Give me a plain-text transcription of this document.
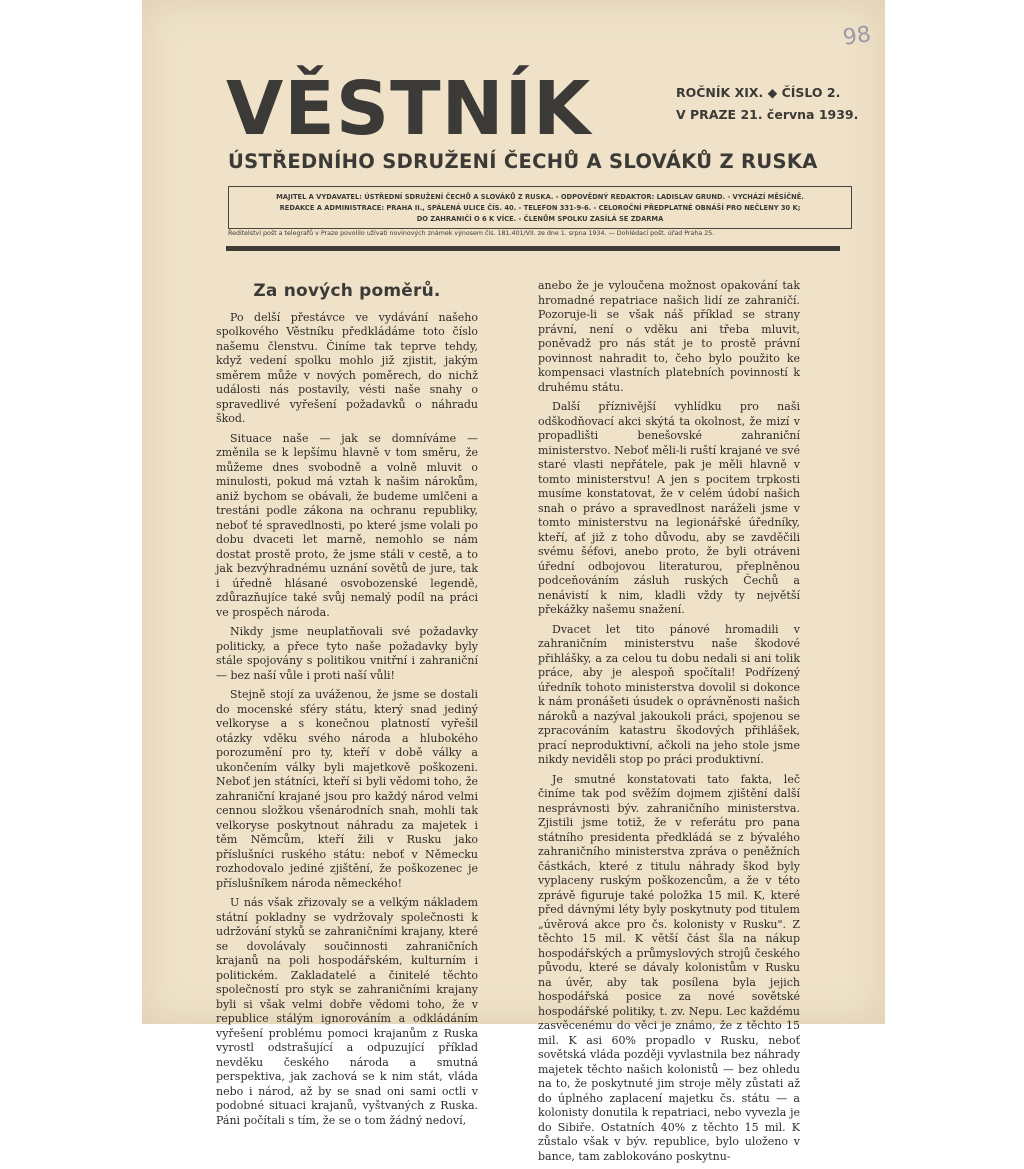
98
VĚSTNÍK	ROČNÍK XIX. ◆ ČÍSLO 2.
V PRAZE 21. června 1939.
ÚSTŘEDNÍHO SDRUŽENÍ ČECHŮ A SLOVÁKŮ Z RUSKA
MAJITEL A VYDAVATEL: ÚSTŘEDNÍ SDRUŽENÍ ČECHŮ A SLOVÁKŮ Z RUSKA. - ODPOVĚDNÝ REDAKTOR: LADISLAV GRUND. - VYCHÁZÍ MĚSÍČNĚ.
REDAKCE A ADMINISTRACE: PRAHA II., SPÁLENÁ ULICE ČÍS. 40. - TELEFON 331-9-6. - CELOROČNÍ PŘEDPLATNÉ OBNÁŠÍ PRO NEČLENY 30 K;
DO ZAHRANIČÍ O 6 K VÍCE. - ČLENŮM SPOLKU ZASÍLÁ SE ZDARMA
Ředitelství pošt a telegrafů v Praze povolilo užívati novinových známek výnosem čís. 181.401/VII. ze dne 1. srpna 1934. — Dohlédací pošt. úřad Praha 25.
Za nových poměrů.

Po delší přestávce ve vydávání našeho spolkového Věstníku předkládáme toto číslo našemu členstvu. Činíme tak teprve tehdy, když vedení spolku mohlo již zjistit, jakým směrem může v nových poměrech, do nichž události nás postavily, vésti naše snahy o spravedlivé vyřešení požadavků o náhradu škod.

Situace naše — jak se domníváme — změnila se k lepšímu hlavně v tom směru, že můžeme dnes svobodně a volně mluvit o minulosti, pokud má vztah k našim nárokům, aniž bychom se obávali, že budeme umlčeni a trestáni podle zákona na ochranu republiky, neboť té spravedlnosti, po které jsme volali po dobu dvaceti let marně, nemohlo se nám dostat prostě proto, že jsme stáli v cestě, a to jak bezvýhradnému uznání sovětů de jure, tak i úředně hlásané osvobozenské legendě, zdůrazňujíce také svůj nemalý podíl na práci ve prospěch národa.

Nikdy jsme neuplatňovali své požadavky politicky, a přece tyto naše požadavky byly stále spojovány s politikou vnitřní i zahraniční — bez naší vůle i proti naší vůli!

Stejně stojí za uváženou, že jsme se dostali do mocenské sféry státu, který snad jediný velkoryse a s konečnou platností vyřešil otázky vděku svého národa a hlubokého porozumění pro ty, kteří v době války a ukončením války byli majetkově poškozeni. Neboť jen státníci, kteří si byli vědomi toho, že zahraniční krajané jsou pro každý národ velmi cennou složkou všenárodních snah, mohli tak velkoryse poskytnout náhradu za majetek i těm Němcům, kteří žili v Rusku jako příslušníci ruského státu: neboť v Německu rozhodovalo jediné zjištění, že poškozenec je příslušníkem národa německého!

U nás však zřizovaly se a velkým nákladem státní pokladny se vydržovaly společnosti k udržování styků se zahraničními krajany, které se dovolávaly součinnosti zahraničních krajanů na poli hospodářském, kulturním i politickém. Zakladatelé a činitelé těchto společností pro styk se zahraničními krajany byli si však velmi dobře vědomi toho, že v republice stálým ignorováním a odkládáním vyřešení problému pomoci krajanům z Ruska vyrostl odstrašující a odpuzující příklad nevděku českého národa a smutná perspektiva, jak zachová se k nim stát, vláda nebo i národ, až by se snad oni sami octli v podobné situaci krajanů, vyštvaných z Ruska. Páni počítali s tím, že se o tom žádný nedoví,

anebo že je vyloučena možnost opakování tak hromadné repatriace našich lidí ze zahraničí. Pozoruje-li se však náš příklad se strany právní, není o vděku ani třeba mluvit, poněvadž pro nás stát je to prostě právní povinnost nahradit to, čeho bylo použito ke kompensaci vlastních platebních povinností k druhému státu.

Další příznivější vyhlídku pro naši odškodňovací akci skýtá ta okolnost, že mizí v propadlišti benešovské zahraniční ministerstvo. Neboť měli-li ruští krajané ve své staré vlasti nepřátele, pak je měli hlavně v tomto ministerstvu! A jen s pocitem trpkosti musíme konstatovat, že v celém údobí našich snah o právo a spravedlnost naráželi jsme v tomto ministerstvu na legionářské úředníky, kteří, ať již z toho důvodu, aby se zavděčili svému šéfovi, anebo proto, že byli otráveni úřední odbojovou literaturou, přeplněnou podceňováním zásluh ruských Čechů a nenávistí k nim, kladli vždy ty největší překážky našemu snažení.

Dvacet let tito pánové hromadili v zahraničním ministerstvu naše škodové přihlášky, a za celou tu dobu nedali si ani tolik práce, aby je alespoň spočítali! Podřízený úředník tohoto ministerstva dovolil si dokonce k nám pronášeti úsudek o oprávněnosti našich nároků a nazýval jakoukoli práci, spojenou se zpracováním katastru škodových přihlášek, prací neproduktivní, ačkoli na jeho stole jsme nikdy neviděli stop po práci produktivní.

Je smutné konstatovati tato fakta, leč činíme tak pod svěžím dojmem zjištění další nesprávnosti býv. zahraničního ministerstva. Zjistili jsme totiž, že v referátu pro pana státního presidenta předkládá se z bývalého zahraničního ministerstva zpráva o peněžních částkách, které z titulu náhrady škod byly vyplaceny ruským poškozencům, a že v této zprávě figuruje také položka 15 mil. K, které před dávnými léty byly poskytnuty pod titulem „úvěrová akce pro čs. kolonisty v Rusku". Z těchto 15 mil. K větší část šla na nákup hospodářských a průmyslových strojů českého původu, které se dávaly kolonistům v Rusku na úvěr, aby tak posílena byla jejich hospodářská posice za nové sovětské hospodářské politiky, t. zv. Nepu. Lec každému zasvěcenému do věci je známo, že z těchto 15 mil. K asi 60% propadlo v Rusku, neboť sovětská vláda později vyvlastnila bez náhrady majetek těchto našich kolonistů — bez ohledu na to, že poskytnuté jim stroje měly zůstati až do úplného zaplacení majetku čs. státu — a kolonisty donutila k repatriaci, nebo vyvezla je do Sibiře. Ostatních 40% z těchto 15 mil. K zůstalo však v býv. republice, bylo uloženo v bance, tam zablokováno poskytnu-
